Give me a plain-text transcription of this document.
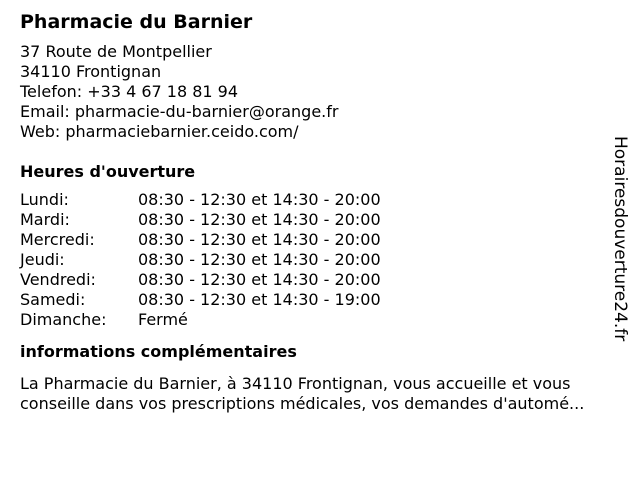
Pharmacie du Barnier
37 Route de Montpellier
34110 Frontignan
Telefon: +33 4 67 18 81 94
Email: pharmacie-du-barnier@orange.fr
Web: pharmaciebarnier.ceido.com/
Heures d'ouverture
Lundi:	08:30 - 12:30 et 14:30 - 20:00
Mardi:	08:30 - 12:30 et 14:30 - 20:00
Mercredi:	08:30 - 12:30 et 14:30 - 20:00
Jeudi:	08:30 - 12:30 et 14:30 - 20:00
Vendredi:	08:30 - 12:30 et 14:30 - 20:00
Samedi:	08:30 - 12:30 et 14:30 - 19:00
Dimanche:	Fermé
informations complémentaires
La Pharmacie du Barnier, à 34110 Frontignan, vous accueille et vous conseille dans vos prescriptions médicales, vos demandes d'automé...
Horairesdouverture24.fr
